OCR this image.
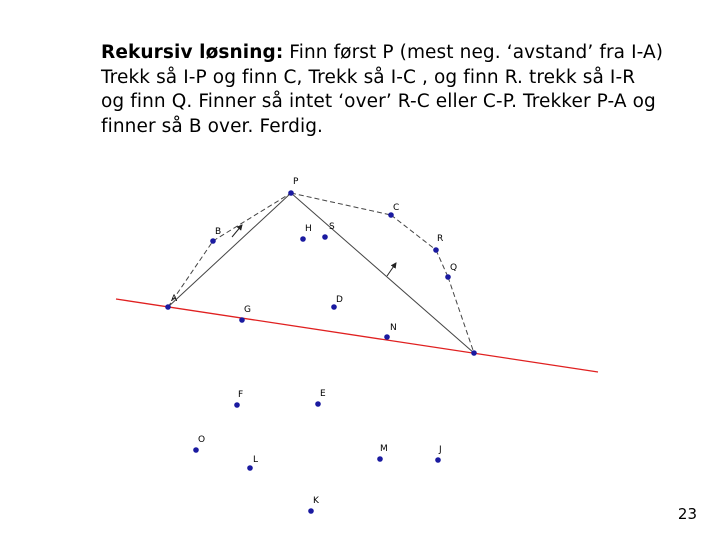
Rekursiv løsning: Finn først P (mest neg. ‘avstand’ fra I-A)
Trekk så I-P og finn C, Trekk så I-C , og finn R. trekk så I-R
og finn Q. Finner så intet ‘over’ R-C eller C-P. Trekker P-A og
finner så B over. Ferdig.
P
C
B	H S
R
Q
A
G
D
N
F	E
O
L
M	J
K
23
